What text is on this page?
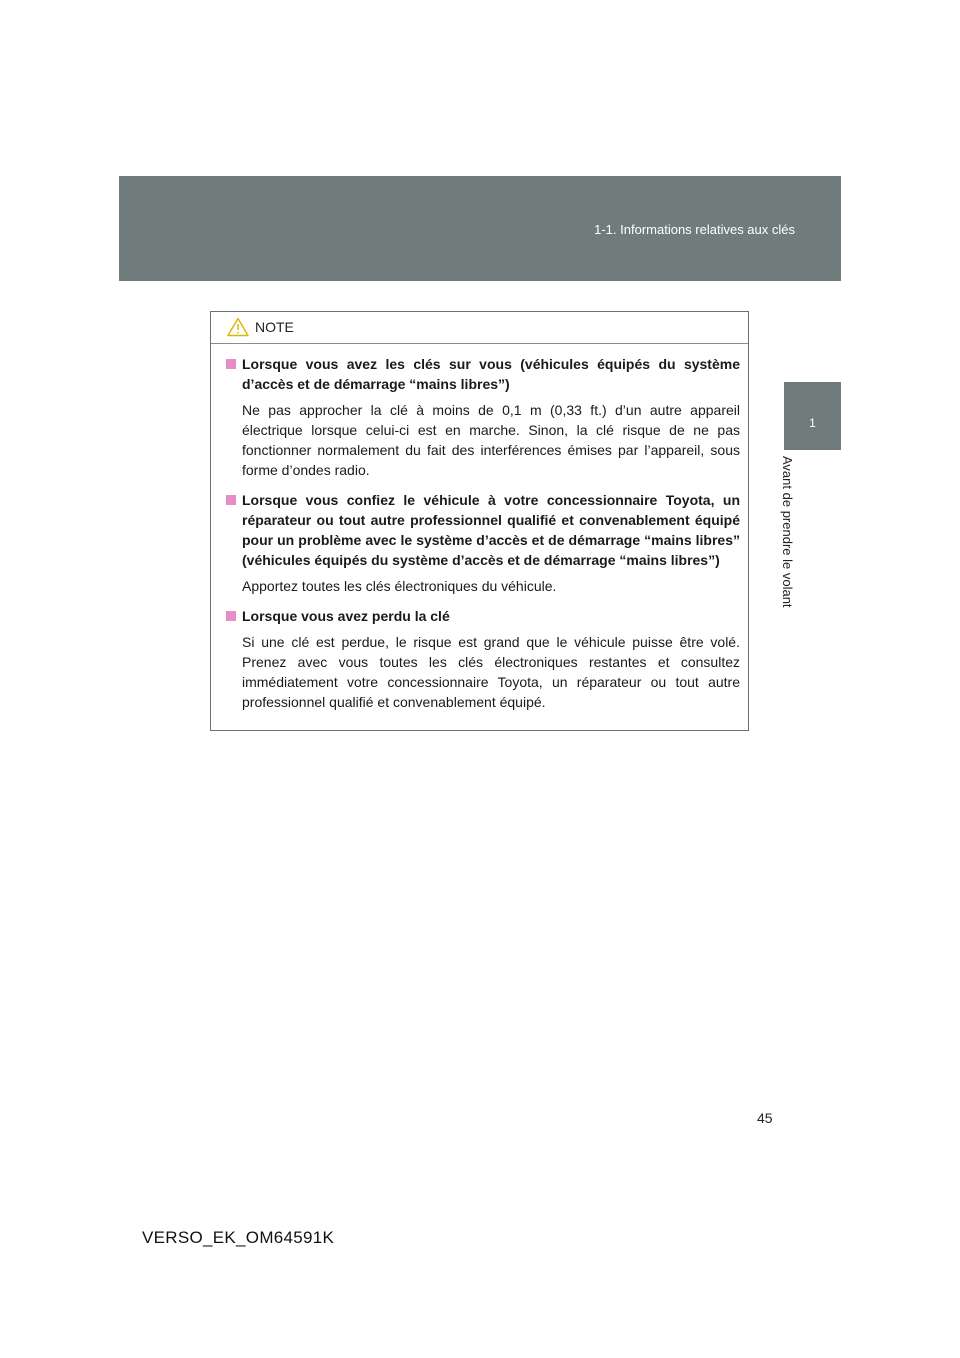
1-1. Informations relatives aux clés
1
Avant de prendre le volant
NOTE
Lorsque vous avez les clés sur vous (véhicules équipés du système d’accès et de démarrage “mains libres”)
Ne pas approcher la clé à moins de 0,1 m (0,33 ft.) d’un autre appareil électrique lorsque celui-ci est en marche. Sinon, la clé risque de ne pas fonctionner normalement du fait des interférences émises par l’appareil, sous forme d’ondes radio.
Lorsque vous confiez le véhicule à votre concessionnaire Toyota, un réparateur ou tout autre professionnel qualifié et convenablement équipé pour un problème avec le système d’accès et de démarrage “mains libres” (véhicules équipés du système d’accès et de démarrage “mains libres”)
Apportez toutes les clés électroniques du véhicule.
Lorsque vous avez perdu la clé
Si une clé est perdue, le risque est grand que le véhicule puisse être volé. Prenez avec vous toutes les clés électroniques restantes et consultez immédiatement votre concessionnaire Toyota, un réparateur ou tout autre professionnel qualifié et convenablement équipé.
45
VERSO_EK_OM64591K
